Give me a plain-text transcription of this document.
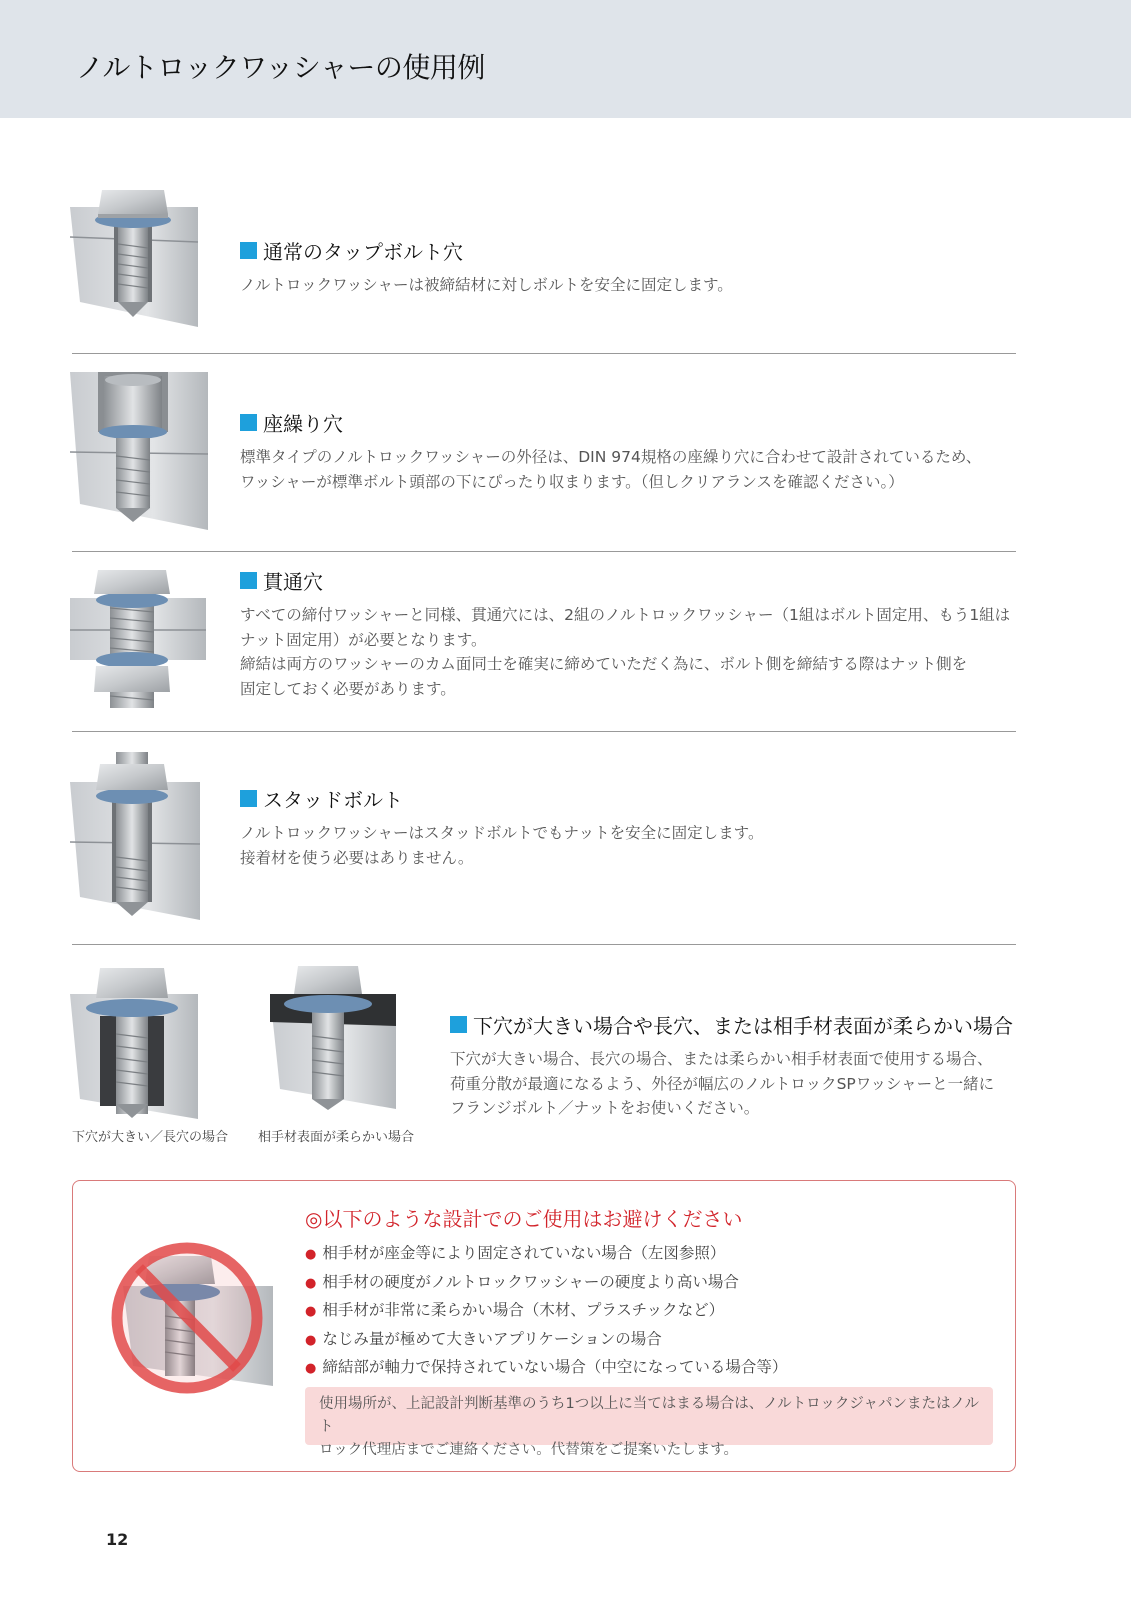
ノルトロックワッシャーの使用例
通常のタップボルト穴
ノルトロックワッシャーは被締結材に対しボルトを安全に固定します。
座繰り穴
標準タイプのノルトロックワッシャーの外径は、DIN 974規格の座繰り穴に合わせて設計されているため、
ワッシャーが標準ボルト頭部の下にぴったり収まります。（但しクリアランスを確認ください。）
貫通穴
すべての締付ワッシャーと同様、貫通穴には、2組のノルトロックワッシャー（1組はボルト固定用、もう1組は
ナット固定用）が必要となります。
締結は両方のワッシャーのカム面同士を確実に締めていただく為に、ボルト側を締結する際はナット側を
固定しておく必要があります。
スタッドボルト
ノルトロックワッシャーはスタッドボルトでもナットを安全に固定します。
接着材を使う必要はありません。
下穴が大きい／長穴の場合 相手材表面が柔らかい場合
下穴が大きい場合や長穴、または相手材表面が柔らかい場合
下穴が大きい場合、長穴の場合、または柔らかい相手材表面で使用する場合、
荷重分散が最適になるよう、外径が幅広のノルトロックSPワッシャーと一緒に
フランジボルト／ナットをお使いください。
◎以下のような設計でのご使用はお避けください
● 相手材が座金等により固定されていない場合（左図参照）
● 相手材の硬度がノルトロックワッシャーの硬度より高い場合
● 相手材が非常に柔らかい場合（木材、プラスチックなど）
● なじみ量が極めて大きいアプリケーションの場合
● 締結部が軸力で保持されていない場合（中空になっている場合等）
使用場所が、上記設計判断基準のうち1つ以上に当てはまる場合は、ノルトロックジャパンまたはノルト
ロック代理店までご連絡ください。代替策をご提案いたします。
12
